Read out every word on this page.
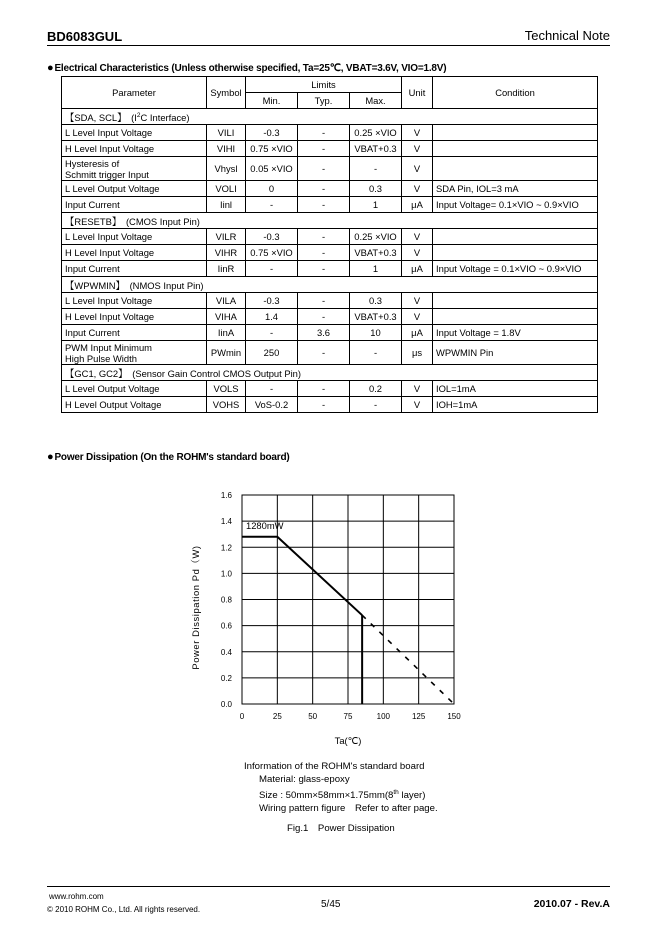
BD6083GUL	Technical Note
●Electrical Characteristics (Unless otherwise specified, Ta=25℃, VBAT=3.6V, VIO=1.8V)
Parameter	Symbol	Limits			Unit	Condition
		Min.	Typ.	Max.		
【SDA, SCL】　($I^2C$ Interface)						

L Level Input Voltage	VILI	-0.3	-	0.25 ×VIO	V	

H Level Input Voltage	VIHI	0.75 ×VIO	-	VBAT+0.3	V	

Hysteresis of
Schmitt trigger Input	Vhysl	0.05 ×VIO	-	-	V	

L Level Output Voltage	VOLI	0	-	0.3	V	SDA Pin, IOL=3 mA

Input Current	Iinl	-	-	1	μA	Input Voltage= 0.1×VIO ~ 0.9×VIO
【RESETB】　(CMOS Input Pin)						

L Level Input Voltage	VILR	-0.3	-	0.25 ×VIO	V	

H Level Input Voltage	VIHR	0.75 ×VIO	-	VBAT+0.3	V	

Input Current	IinR	-	-	1	μA	Input Voltage = 0.1×VIO ~ 0.9×VIO
【WPWMIN】　(NMOS Input Pin)						

L Level Input Voltage	VILA	-0.3	-	0.3	V	

H Level Input Voltage	VIHA	1.4	-	VBAT+0.3	V	

Input Current	IinA	-	3.6	10	μA	Input Voltage = 1.8V

PWM Input Minimum
High Pulse Width	PWmin	250	-	-	μs	WPWMIN Pin
【GC1, GC2】　(Sensor Gain Control CMOS Output Pin)						

L Level Output Voltage	VOLS	-	-	0.2	V	IOL=1mA

H Level Output Voltage	VOHS	VoS-0.2	-	-	V	IOH=1mA
●Power Dissipation (On the ROHM's standard board)
0	25	50	75	100	125	150
0.0
0.2
0.4
0.6
0.8
1.0
1.2
1.4
1.6
1280mW
Ta(℃)
Power Dissipation Pd（W)
Information of the ROHM's standard board
Material: glass-epoxy
Size : 50mm×58mm×1.75mm(8th layer)
Wiring pattern figure　Refer to after page.
Fig.1　Power Dissipation
www.rohm.com
© 2010 ROHM Co., Ltd. All rights reserved.	5/45	2010.07 - Rev.A
